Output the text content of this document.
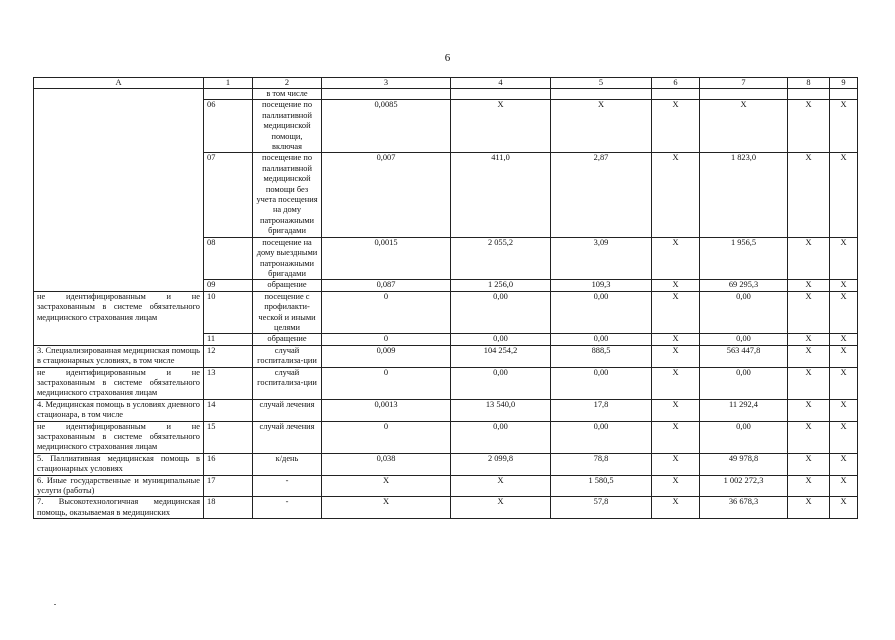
6
A	1	2	3	4	5	6	7	8	9
		в том числе							
	06	посещение по паллиативной медицинской помощи, включая	0,0085	X	X	X	X	X	X
	07	посещение по паллиативной медицинской помощи без учета посещения на дому патронажными бригадами	0,007	411,0	2,87	X	1 823,0	X	X
	08	посещение на дому выездными патронажными бригадами	0,0015	2 055,2	3,09	X	1 956,5	X	X
	09	обращение	0,087	1 256,0	109,3	X	69 295,3	X	X
не идентифицированным и не застрахованным в системе обязательного медицинского страхования лицам	10	посещение с профилакти-ческой и иными целями	0	0,00	0,00	X	0,00	X	X
	11	обращение	0	0,00	0,00	X	0,00	X	X
3. Специализированная медицинская помощь в стационарных условиях, в том числе	12	случай госпитализа-ции	0,009	104 254,2	888,5	X	563 447,8	X	X
не идентифицированным и не застрахованным в системе обязательного медицинского страхования лицам	13	случай госпитализа-ции	0	0,00	0,00	X	0,00	X	X
4. Медицинская помощь в условиях дневного стационара, в том числе	14	случай лечения	0,0013	13 540,0	17,8	X	11 292,4	X	X
не идентифицированным и не застрахованным в системе обязательного медицинского страхования лицам	15	случай лечения	0	0,00	0,00	X	0,00	X	X
5. Паллиативная медицинская помощь в стационарных условиях	16	к/день	0,038	2 099,8	78,8	X	49 978,8	X	X
6. Иные государственные и муниципальные услуги (работы)	17	-	X	X	1 580,5	X	1 002 272,3	X	X
7. Высокотехнологичная медицинская помощь, оказываемая в медицинских	18	-	X	X	57,8	X	36 678,3	X	X
